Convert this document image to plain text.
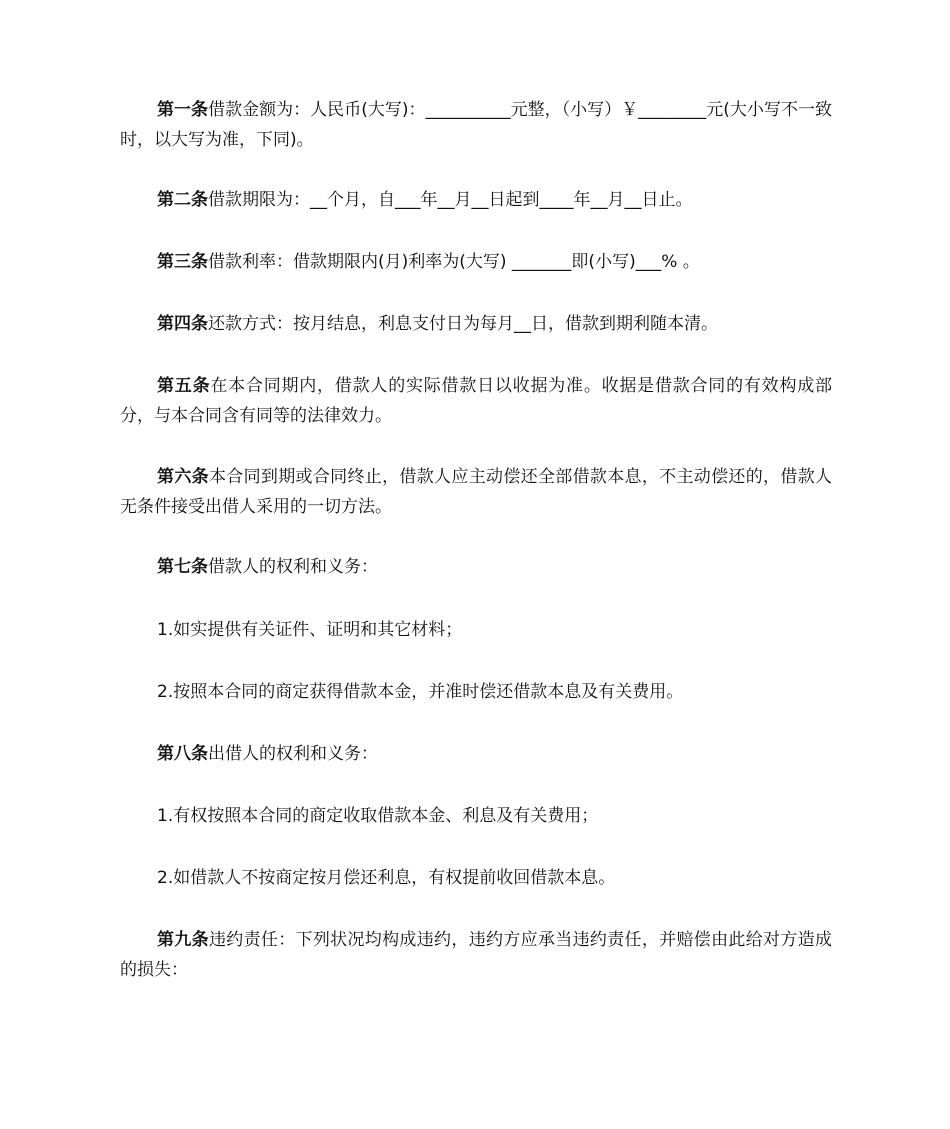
第一条借款金额为：人民币(大写)：__________元整，（小写）￥________元(大小写不一致时，以大写为准，下同)。

第二条借款期限为：__个月，自___年__月__日起到____年__月__日止。

第三条借款利率：借款期限内(月)利率为(大写) _______即(小写)___% 。

第四条还款方式：按月结息，利息支付日为每月__日，借款到期利随本清。

第五条在本合同期内，借款人的实际借款日以收据为准。收据是借款合同的有效构成部分，与本合同含有同等的法律效力。

第六条本合同到期或合同终止，借款人应主动偿还全部借款本息，不主动偿还的，借款人无条件接受出借人采用的一切方法。

第七条借款人的权利和义务：

1.如实提供有关证件、证明和其它材料；

2.按照本合同的商定获得借款本金，并准时偿还借款本息及有关费用。

第八条出借人的权利和义务：

1.有权按照本合同的商定收取借款本金、利息及有关费用；

2.如借款人不按商定按月偿还利息，有权提前收回借款本息。

第九条违约责任：下列状况均构成违约，违约方应承当违约责任，并赔偿由此给对方造成的损失：
